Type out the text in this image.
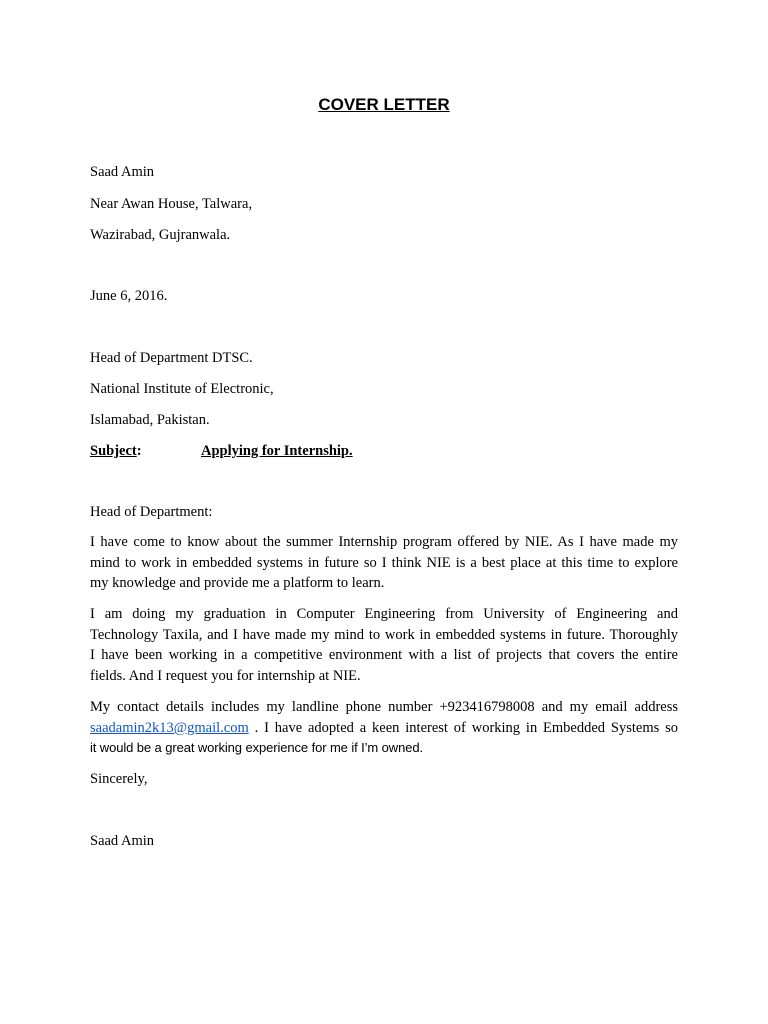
COVER LETTER
Saad Amin
Near Awan House, Talwara,
Wazirabad, Gujranwala.
June 6, 2016.
Head of Department DTSC.
National Institute of Electronic,
Islamabad, Pakistan.
Subject:	Applying for Internship.
Head of Department:
I have come to know about the summer Internship program offered by NIE. As I have made my
mind to work in embedded systems in future so I think NIE is a best place at this time to explore
my knowledge and provide me a platform to learn.
I am doing my graduation in Computer Engineering from University of Engineering and
Technology Taxila, and I have made my mind to work in embedded systems in future. Thoroughly
I have been working in a competitive environment with a list of projects that covers the entire
fields. And I request you for internship at NIE.
My contact details includes my landline phone number +923416798008 and my email address
saadamin2k13@gmail.com . I have adopted a keen interest of working in Embedded Systems so
it would be a great working experience for me if I’m owned.
Sincerely,
Saad Amin
